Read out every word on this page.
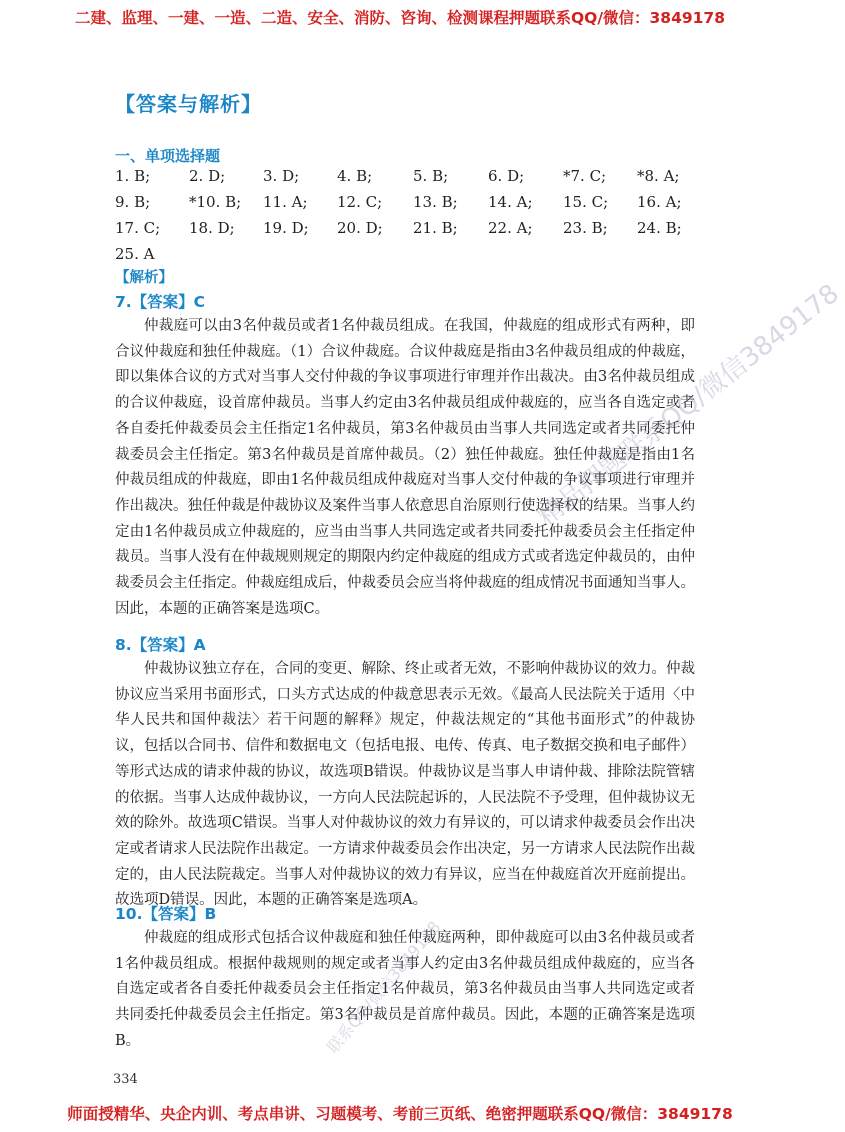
二建、监理、一建、一造、二造、安全、消防、咨询、检测课程押题联系QQ/微信：3849178
【答案与解析】
一、单项选择题
1. B;	2. D;	3. D;	4. B;	5. B;	6. D;	*7. C; *8. A;
9. B;	*10. B; 11. A; 12. C; 13. B; 14. A; 15. C; 16. A;
17. C; 18. D; 19. D; 20. D; 21. B; 22. A; 23. B; 24. B;
25. A
【解析】
7.【答案】C

仲裁庭可以由3名仲裁员或者1名仲裁员组成。在我国，仲裁庭的组成形式有两种，即合议仲裁庭和独任仲裁庭。（1）合议仲裁庭。合议仲裁庭是指由3名仲裁员组成的仲裁庭，即以集体合议的方式对当事人交付仲裁的争议事项进行审理并作出裁决。由3名仲裁员组成的合议仲裁庭，设首席仲裁员。当事人约定由3名仲裁员组成仲裁庭的，应当各自选定或者各自委托仲裁委员会主任指定1名仲裁员，第3名仲裁员由当事人共同选定或者共同委托仲裁委员会主任指定。第3名仲裁员是首席仲裁员。（2）独任仲裁庭。独任仲裁庭是指由1名仲裁员组成的仲裁庭，即由1名仲裁员组成仲裁庭对当事人交付仲裁的争议事项进行审理并作出裁决。独任仲裁是仲裁协议及案件当事人依意思自治原则行使选择权的结果。当事人约定由1名仲裁员成立仲裁庭的，应当由当事人共同选定或者共同委托仲裁委员会主任指定仲裁员。当事人没有在仲裁规则规定的期限内约定仲裁庭的组成方式或者选定仲裁员的，由仲裁委员会主任指定。仲裁庭组成后，仲裁委员会应当将仲裁庭的组成情况书面通知当事人。因此，本题的正确答案是选项C。

8.【答案】A

仲裁协议独立存在，合同的变更、解除、终止或者无效，不影响仲裁协议的效力。仲裁协议应当采用书面形式，口头方式达成的仲裁意思表示无效。《最高人民法院关于适用〈中华人民共和国仲裁法〉若干问题的解释》规定，仲裁法规定的“其他书面形式”的仲裁协议，包括以合同书、信件和数据电文（包括电报、电传、传真、电子数据交换和电子邮件）等形式达成的请求仲裁的协议，故选项B错误。仲裁协议是当事人申请仲裁、排除法院管辖的依据。当事人达成仲裁协议，一方向人民法院起诉的，人民法院不予受理，但仲裁协议无效的除外。故选项C错误。当事人对仲裁协议的效力有异议的，可以请求仲裁委员会作出决定或者请求人民法院作出裁定。一方请求仲裁委员会作出决定，另一方请求人民法院作出裁定的，由人民法院裁定。当事人对仲裁协议的效力有异议，应当在仲裁庭首次开庭前提出。故选项D错误。因此，本题的正确答案是选项A。

10.【答案】B

仲裁庭的组成形式包括合议仲裁庭和独任仲裁庭两种，即仲裁庭可以由3名仲裁员或者1名仲裁员组成。根据仲裁规则的规定或者当事人约定由3名仲裁员组成仲裁庭的，应当各自选定或者各自委托仲裁委员会主任指定1名仲裁员，第3名仲裁员由当事人共同选定或者共同委托仲裁委员会主任指定。第3名仲裁员是首席仲裁员。因此，本题的正确答案是选项B。

334
精品押题联系QQ/微信3849178
联系QQ/微信3849178
师面授精华、央企内训、考点串讲、习题模考、考前三页纸、绝密押题联系QQ/微信：3849178
